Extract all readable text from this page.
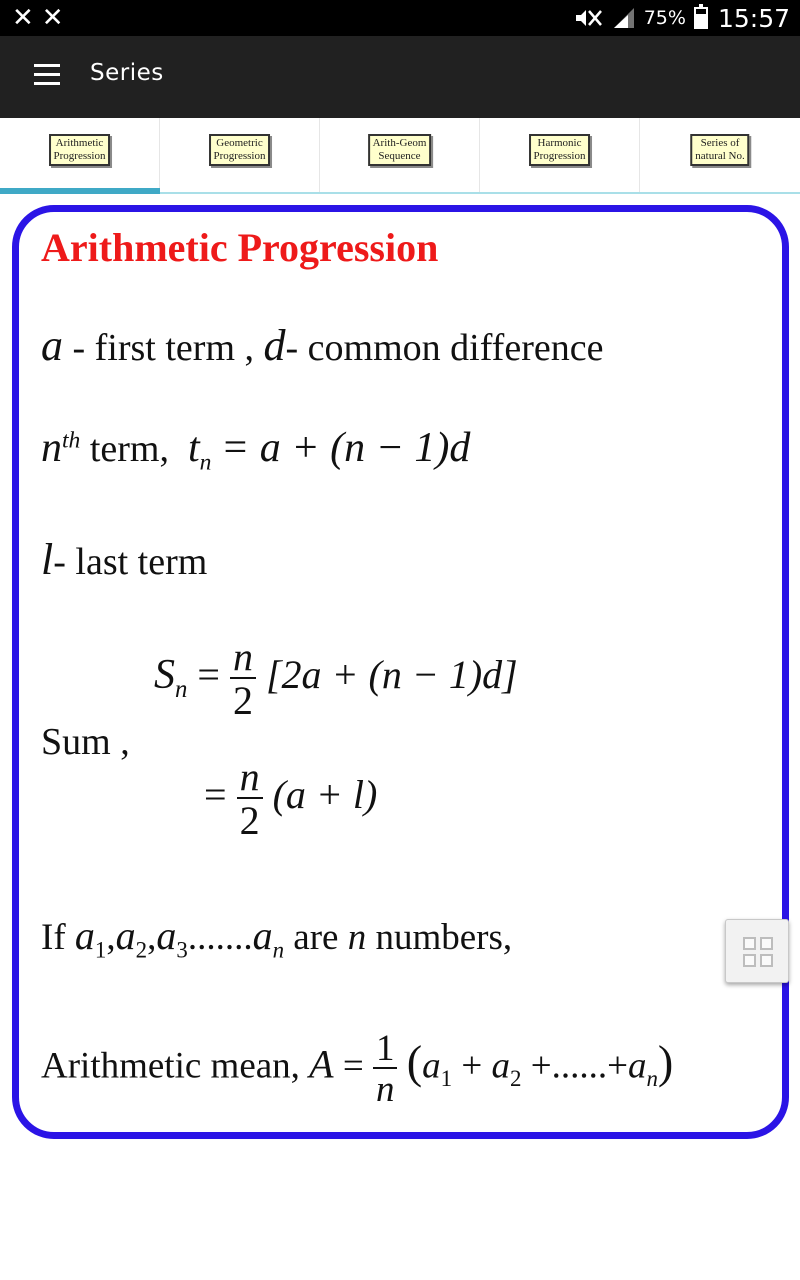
✕ ✕	75% 15:57
Series
Arithmetic
Progression
Geometric
Progression
Arith-Geom
Sequence
Harmonic
Progression
Series of
natural No.
Arithmetic Progression
a - first term , d- common difference
$n^{th}$ term, $t_n = a + (n - 1)d$
l- last term
Sum ,
$S_n = \frac{n}{2} [2a + (n - 1)d]$
= $\frac{n}{2} (a + l)$
If $a_1,a_2,a_3.......a_n$ are n numbers,
Arithmetic mean, $A = \frac{1}{n} (a_1 + a_2 +......+a_n)$
